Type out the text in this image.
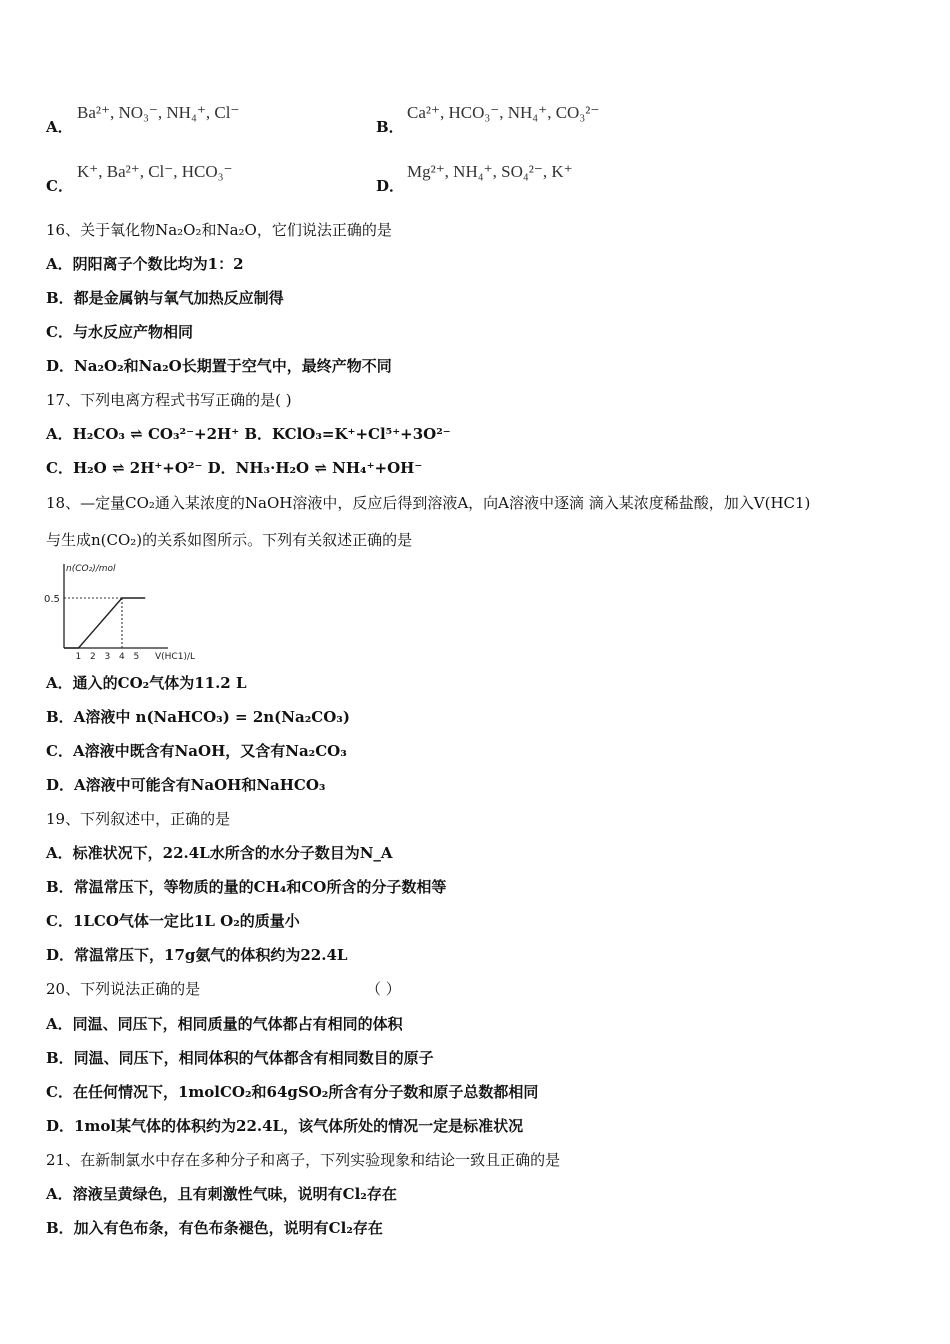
A．
Ba²⁺, NO₃⁻, NH₄⁺, Cl⁻
B．
Ca²⁺, HCO₃⁻, NH₄⁺, CO₃²⁻
C．
K⁺, Ba²⁺, Cl⁻, HCO₃⁻
D．
Mg²⁺, NH₄⁺, SO₄²⁻, K⁺
16、关于氧化物Na₂O₂和Na₂O，它们说法正确的是
A．阴阳离子个数比均为1：2
B．都是金属钠与氧气加热反应制得
C．与水反应产物相同
D．Na₂O₂和Na₂O长期置于空气中，最终产物不同
17、下列电离方程式书写正确的是( )
A．H₂CO₃ ⇌ CO₃²⁻+2H⁺ B．KClO₃=K⁺+Cl⁵⁺+3O²⁻
C．H₂O ⇌ 2H⁺+O²⁻ D．NH₃·H₂O ⇌ NH₄⁺+OH⁻
18、—定量CO₂通入某浓度的NaOH溶液中，反应后得到溶液A，向A溶液中逐滴 滴入某浓度稀盐酸，加入V(HC1)
与生成n(CO₂)的关系如图所示。下列有关叙述正确的是
n(CO₂)/mol
V(HC1)/L
0.5
1 2 3 4 5
A．通入的CO₂气体为11.2 L
B．A溶液中 n(NaHCO₃) = 2n(Na₂CO₃)
C．A溶液中既含有NaOH，又含有Na₂CO₃
D．A溶液中可能含有NaOH和NaHCO₃
19、下列叙述中，正确的是
A．标准状况下，22.4L水所含的水分子数目为N_A
B．常温常压下，等物质的量的CH₄和CO所含的分子数相等
C．1LCO气体一定比1L O₂的质量小
D．常温常压下，17g氨气的体积约为22.4L
20、下列说法正确的是	（ ）
A．同温、同压下，相同质量的气体都占有相同的体积
B．同温、同压下，相同体积的气体都含有相同数目的原子
C．在任何情况下，1molCO₂和64gSO₂所含有分子数和原子总数都相同
D．1mol某气体的体积约为22.4L，该气体所处的情况一定是标准状况
21、在新制氯水中存在多种分子和离子，下列实验现象和结论一致且正确的是
A．溶液呈黄绿色，且有刺激性气味，说明有Cl₂存在
B．加入有色布条，有色布条褪色，说明有Cl₂存在
